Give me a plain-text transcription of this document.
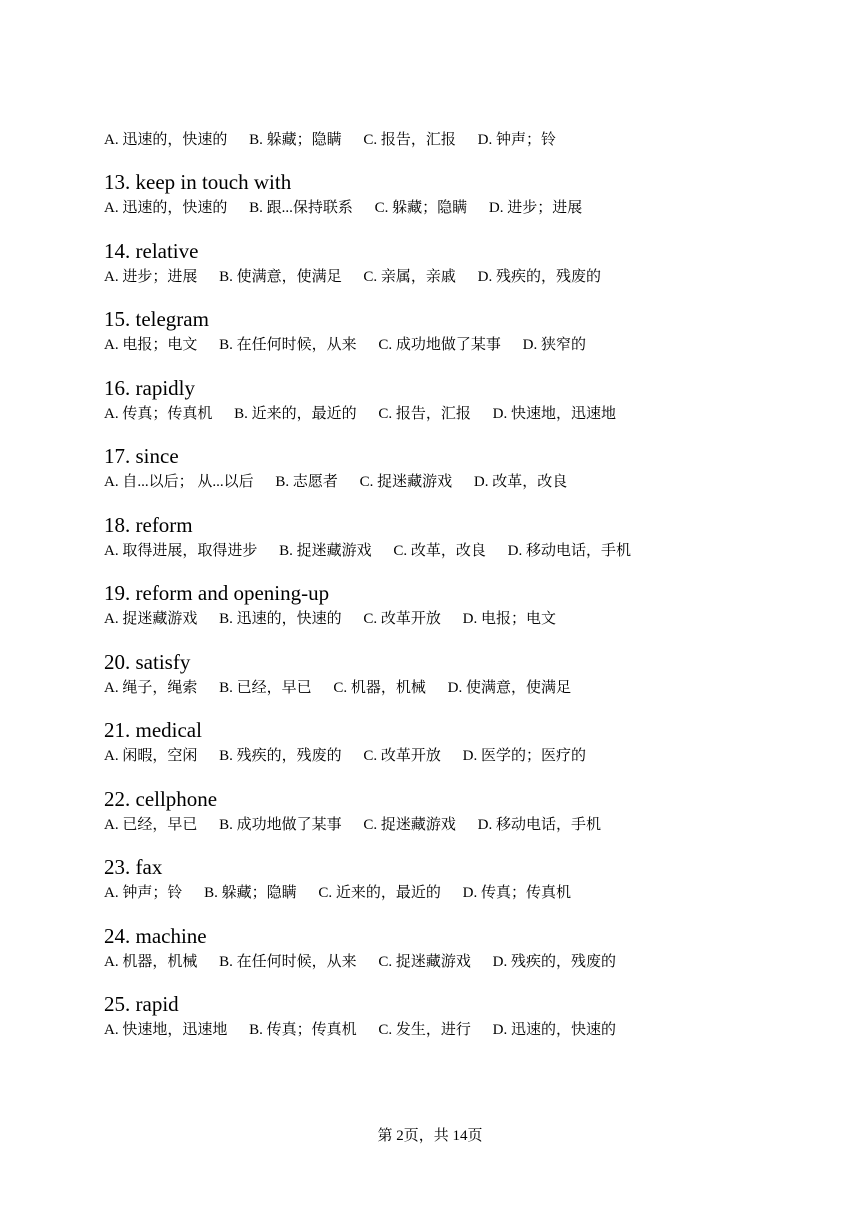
A. 迅速的，快速的 B. 躲藏；隐瞒 C. 报告，汇报 D. 钟声；铃
13. keep in touch with
A. 迅速的，快速的 B. 跟...保持联系 C. 躲藏；隐瞒 D. 进步；进展
14. relative
A. 进步；进展 B. 使满意，使满足 C. 亲属，亲戚 D. 残疾的，残废的
15. telegram
A. 电报；电文 B. 在任何时候，从来 C. 成功地做了某事 D. 狭窄的
16. rapidly
A. 传真；传真机 B. 近来的，最近的 C. 报告，汇报 D. 快速地，迅速地
17. since
A. 自...以后； 从...以后 B. 志愿者 C. 捉迷藏游戏 D. 改革，改良
18. reform
A. 取得进展，取得进步 B. 捉迷藏游戏 C. 改革，改良 D. 移动电话，手机
19. reform and opening-up
A. 捉迷藏游戏 B. 迅速的，快速的 C. 改革开放 D. 电报；电文
20. satisfy
A. 绳子，绳索 B. 已经，早已 C. 机器，机械 D. 使满意，使满足
21. medical
A. 闲暇，空闲 B. 残疾的，残废的 C. 改革开放 D. 医学的；医疗的
22. cellphone
A. 已经，早已 B. 成功地做了某事 C. 捉迷藏游戏 D. 移动电话，手机
23. fax
A. 钟声；铃 B. 躲藏；隐瞒 C. 近来的，最近的 D. 传真；传真机
24. machine
A. 机器，机械 B. 在任何时候，从来 C. 捉迷藏游戏 D. 残疾的，残废的
25. rapid
A. 快速地，迅速地 B. 传真；传真机 C. 发生，进行 D. 迅速的，快速的
第 2页，共 14页
